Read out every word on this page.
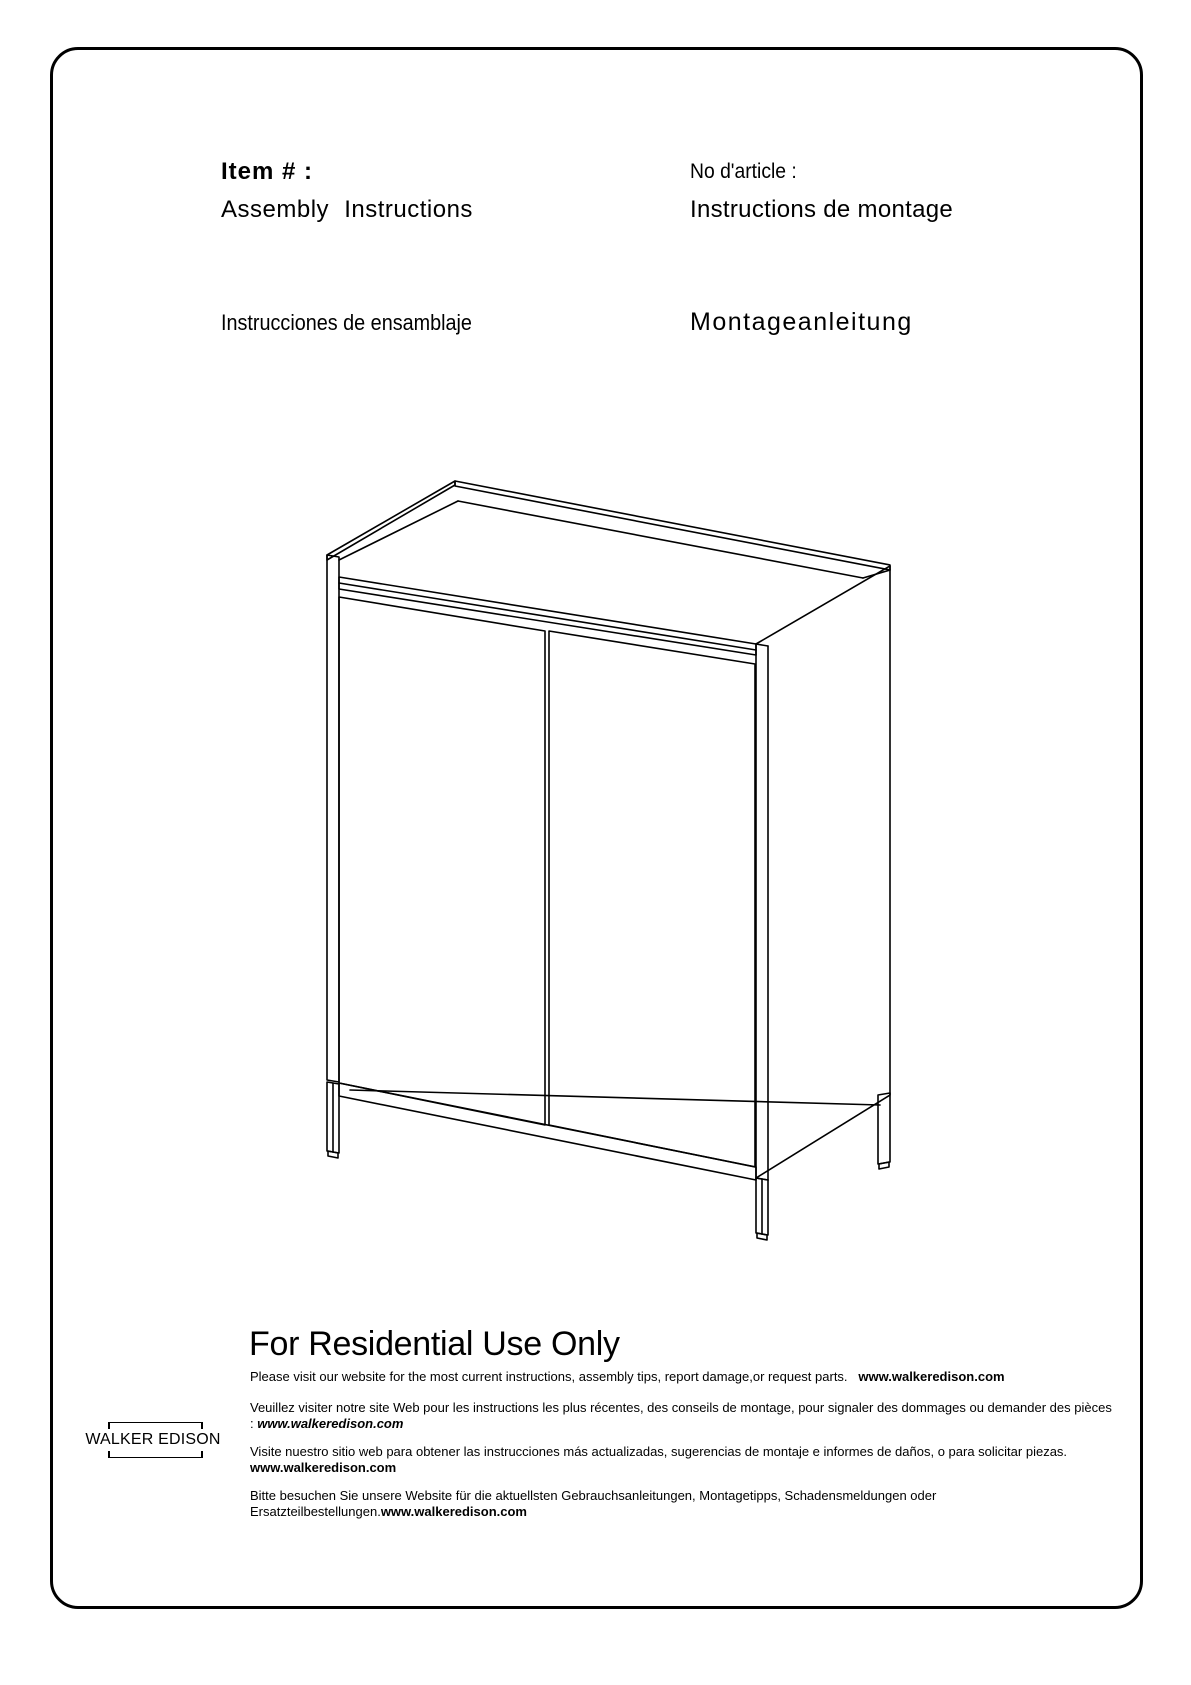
Item # :
Assembly Instructions
No d'article :
Instructions de montage
Instrucciones de ensamblaje	Montageanleitung
For Residential Use Only
Please visit our website for the most current instructions, assembly tips, report damage,or request parts. www.walkeredison.com
Veuillez visiter notre site Web pour les instructions les plus récentes, des conseils de montage, pour signaler des dommages ou demander des pièces : www.walkeredison.com
Visite nuestro sitio web para obtener las instrucciones más actualizadas, sugerencias de montaje e informes de daños, o para solicitar piezas. www.walkeredison.com
Bitte besuchen Sie unsere Website für die aktuellsten Gebrauchsanleitungen, Montagetipps, Schadensmeldungen oder Ersatzteilbestellungen.www.walkeredison.com
WALKER EDISON
